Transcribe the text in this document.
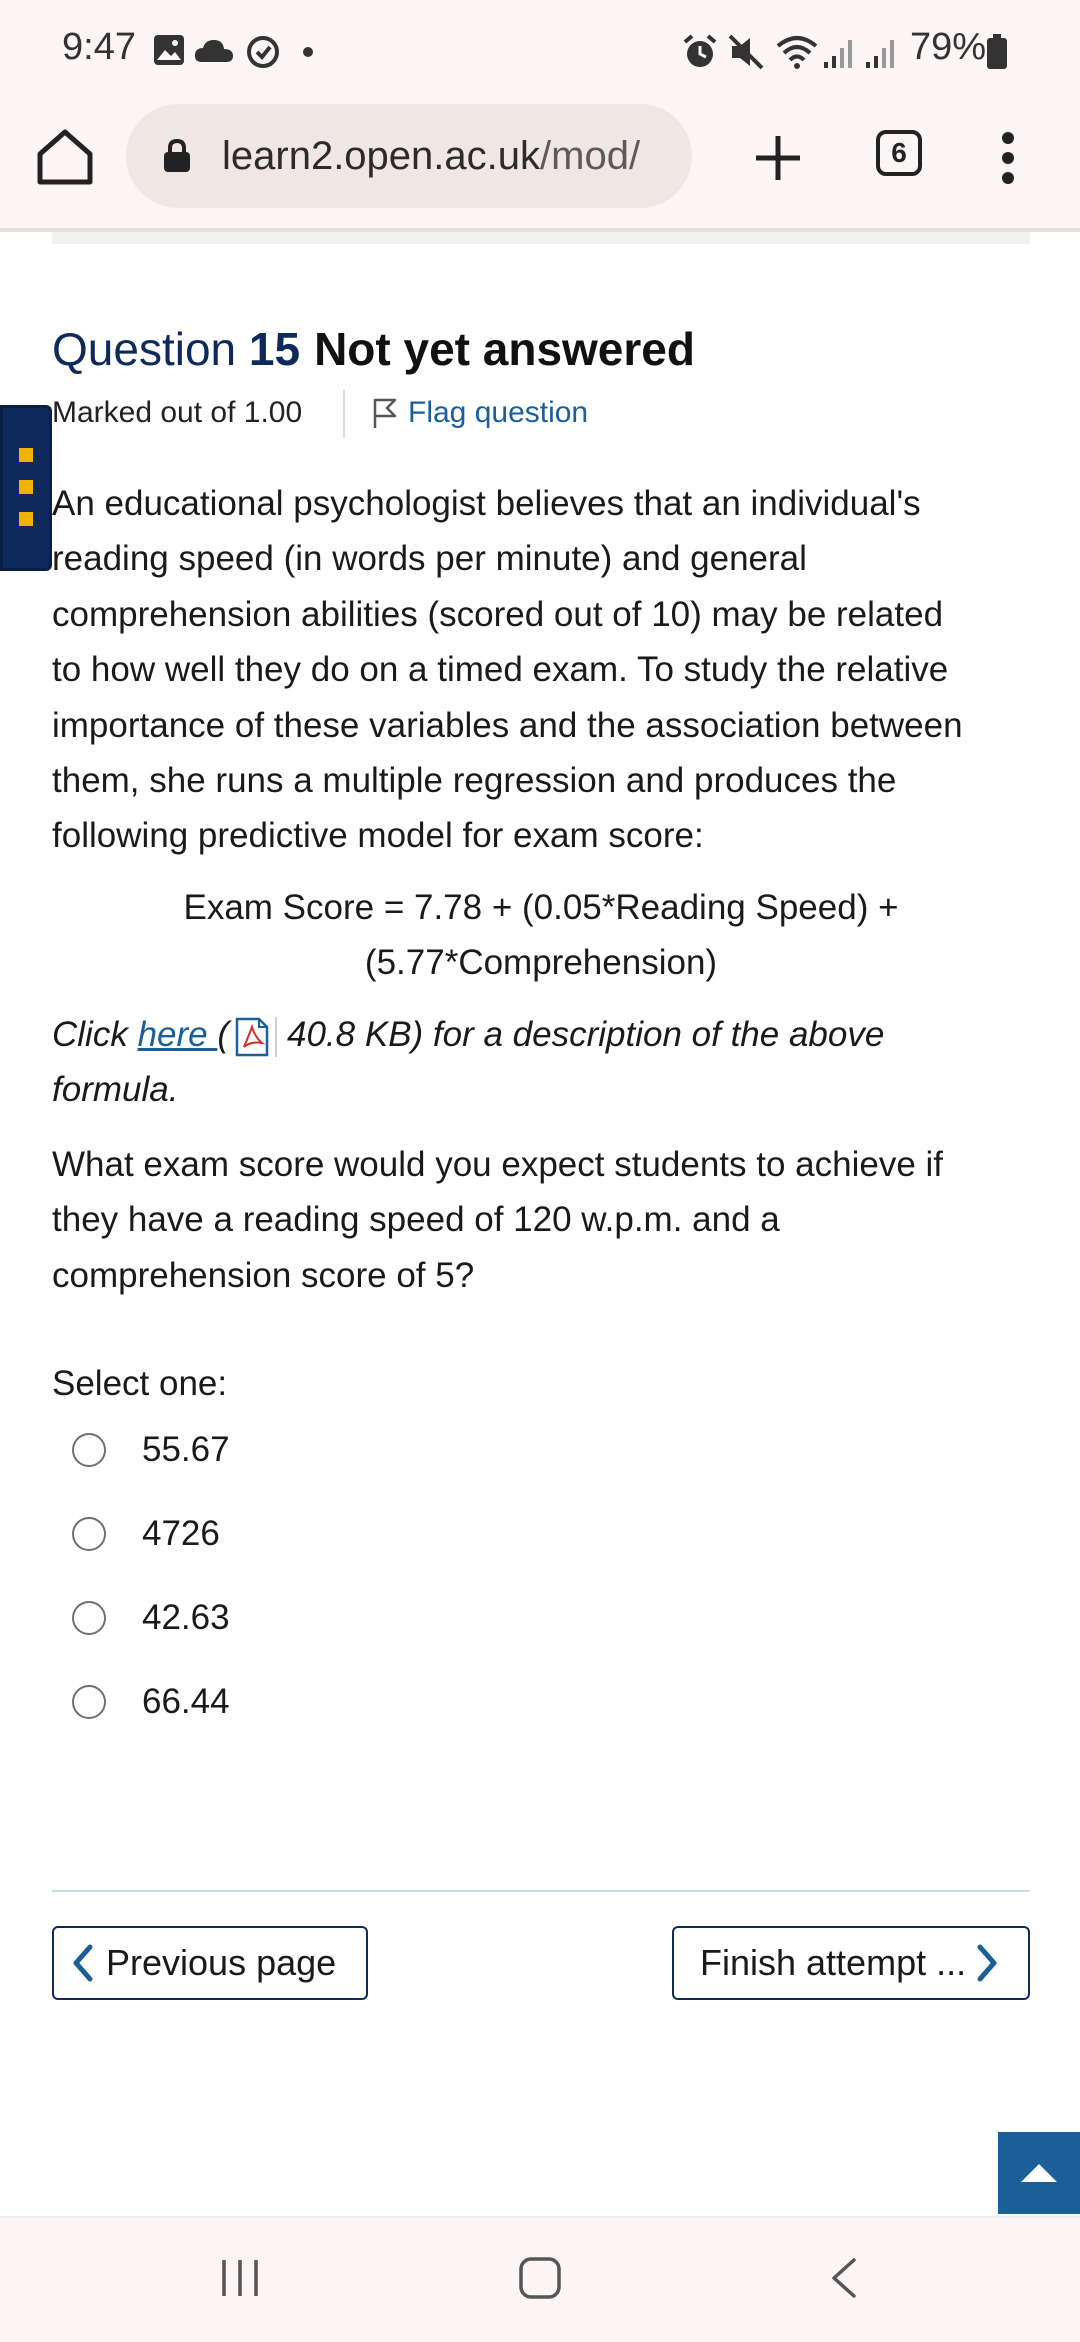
9:47	79%
learn2.open.ac.uk/mod/	6
Question 15 Not yet answered
Marked out of 1.00	Flag question
An educational psychologist believes that an individual's
reading speed (in words per minute) and general
comprehension abilities (scored out of 10) may be related
to how well they do on a timed exam. To study the relative
importance of these variables and the association between
them, she runs a multiple regression and produces the
following predictive model for exam score:
Exam Score = 7.78 + (0.05*Reading Speed) +
(5.77*Comprehension)
Click here ( 40.8 KB) for a description of the above
formula.
What exam score would you expect students to achieve if
they have a reading speed of 120 w.p.m. and a
comprehension score of 5?
Select one:
55.67
4726
42.63
66.44
Previous page	Finish attempt ...
